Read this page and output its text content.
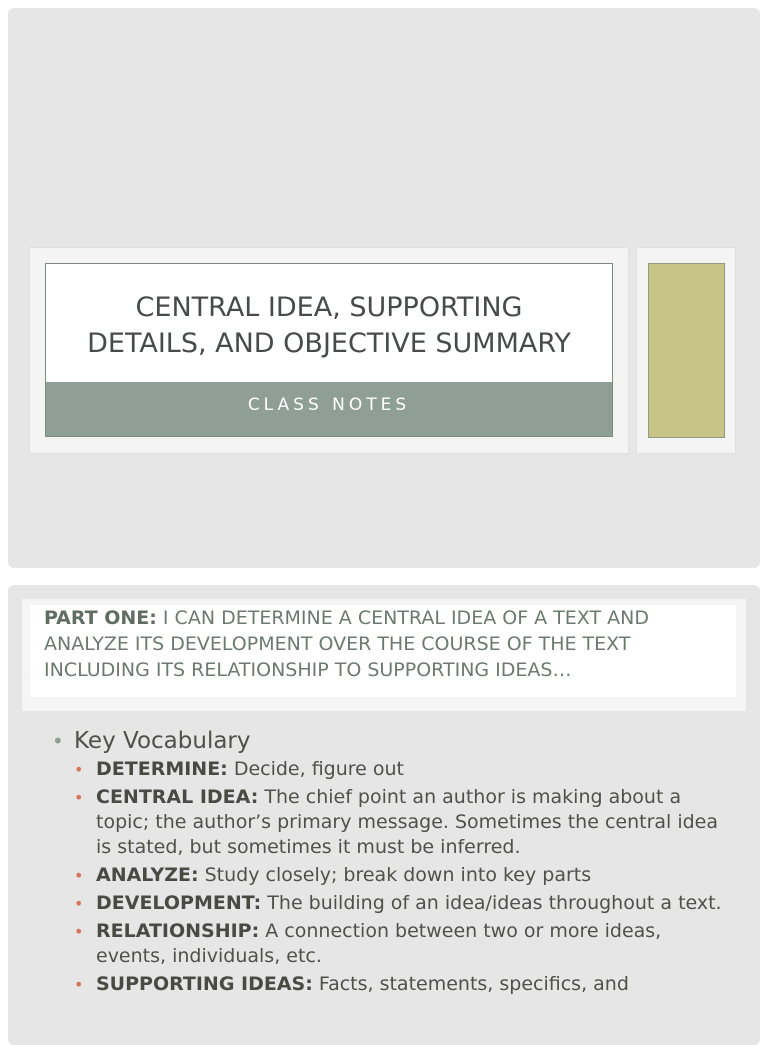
CENTRAL IDEA, SUPPORTING
DETAILS, AND OBJECTIVE SUMMARY
CLASS NOTES
PART ONE: I CAN DETERMINE A CENTRAL IDEA OF A TEXT AND ANALYZE ITS DEVELOPMENT OVER THE COURSE OF THE TEXT INCLUDING ITS RELATIONSHIP TO SUPPORTING IDEAS…
• Key Vocabulary
• DETERMINE: Decide, figure out
• CENTRAL IDEA: The chief point an author is making about a topic; the author’s primary message. Sometimes the central idea is stated, but sometimes it must be inferred.
• ANALYZE: Study closely; break down into key parts
• DEVELOPMENT: The building of an idea/ideas throughout a text.
• RELATIONSHIP: A connection between two or more ideas, events, individuals, etc.
• SUPPORTING IDEAS: Facts, statements, specifics, and
